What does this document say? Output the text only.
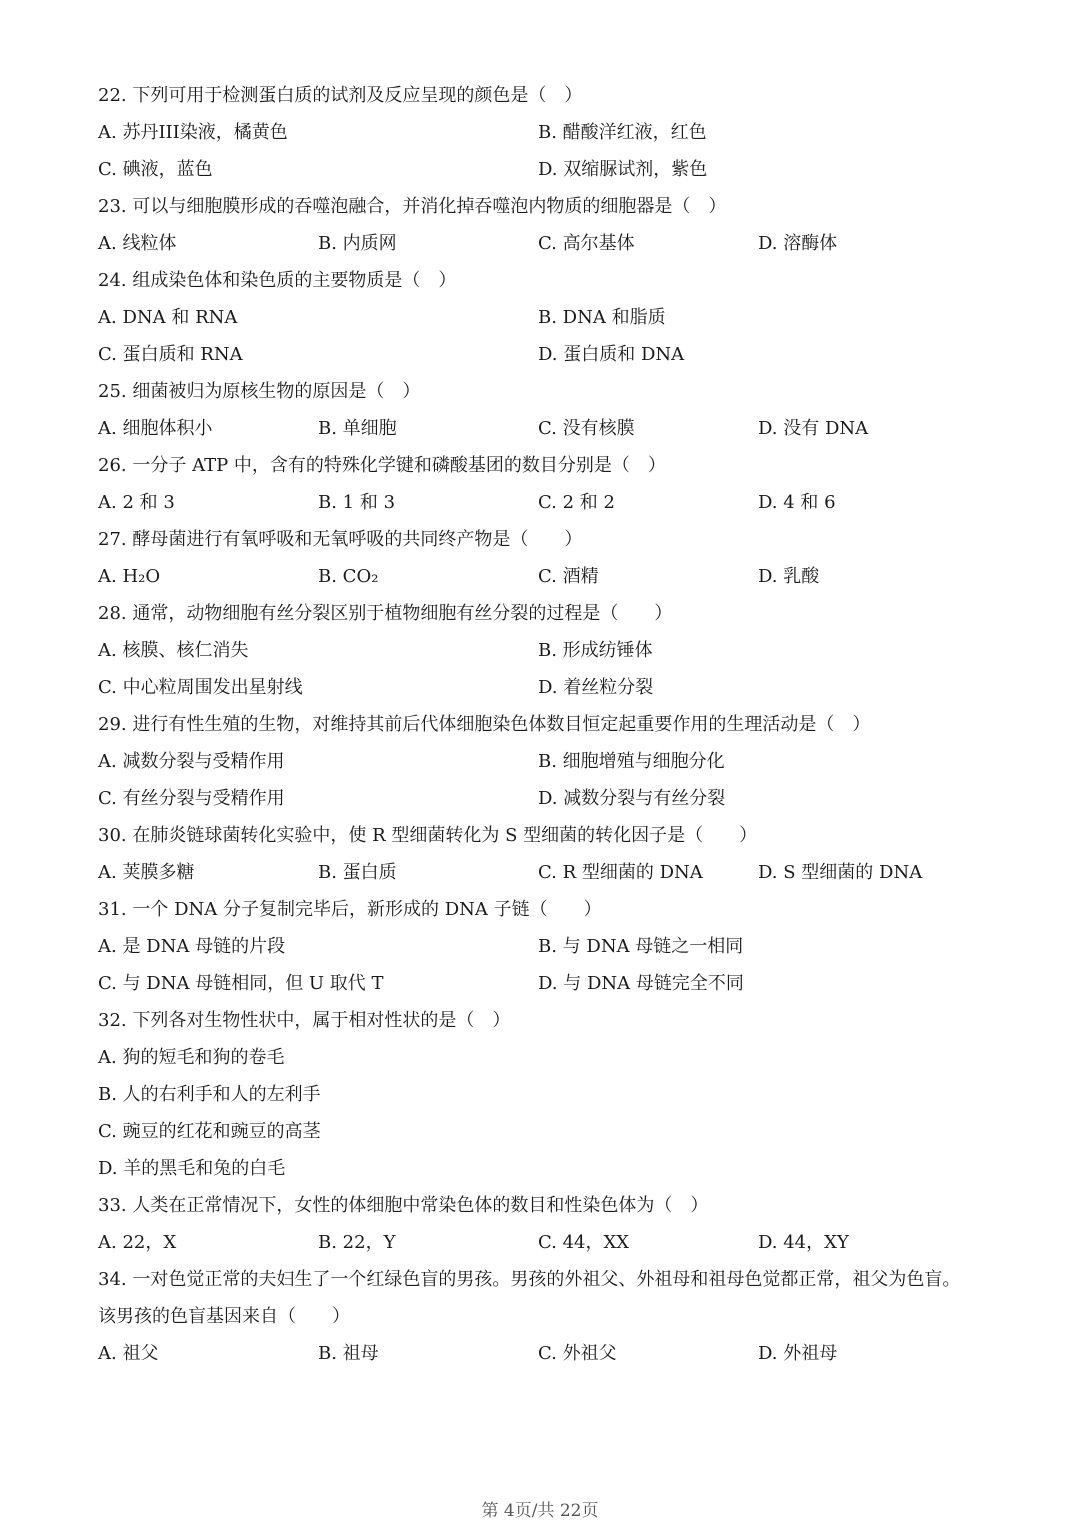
22. 下列可用于检测蛋白质的试剂及反应呈现的颜色是（　）
A. 苏丹III染液，橘黄色	B. 醋酸洋红液，红色
C. 碘液，蓝色	D. 双缩脲试剂，紫色
23. 可以与细胞膜形成的吞噬泡融合，并消化掉吞噬泡内物质的细胞器是（　）
A. 线粒体	B. 内质网	C. 高尔基体	D. 溶酶体
24. 组成染色体和染色质的主要物质是（　）
A. DNA 和 RNA	B. DNA 和脂质
C. 蛋白质和 RNA	D. 蛋白质和 DNA
25. 细菌被归为原核生物的原因是（　）
A. 细胞体积小	B. 单细胞	C. 没有核膜	D. 没有 DNA
26. 一分子 ATP 中，含有的特殊化学键和磷酸基团的数目分别是（　）
A. 2 和 3	B. 1 和 3	C. 2 和 2	D. 4 和 6
27. 酵母菌进行有氧呼吸和无氧呼吸的共同终产物是（　　）
A. H₂O	B. CO₂	C. 酒精	D. 乳酸
28. 通常，动物细胞有丝分裂区别于植物细胞有丝分裂的过程是（　　）
A. 核膜、核仁消失	B. 形成纺锤体
C. 中心粒周围发出星射线	D. 着丝粒分裂
29. 进行有性生殖的生物，对维持其前后代体细胞染色体数目恒定起重要作用的生理活动是（　）
A. 减数分裂与受精作用	B. 细胞增殖与细胞分化
C. 有丝分裂与受精作用	D. 减数分裂与有丝分裂
30. 在肺炎链球菌转化实验中，使 R 型细菌转化为 S 型细菌的转化因子是（　　）
A. 荚膜多糖	B. 蛋白质	C. R 型细菌的 DNA	D. S 型细菌的 DNA
31. 一个 DNA 分子复制完毕后，新形成的 DNA 子链（　　）
A. 是 DNA 母链的片段	B. 与 DNA 母链之一相同
C. 与 DNA 母链相同，但 U 取代 T	D. 与 DNA 母链完全不同
32. 下列各对生物性状中，属于相对性状的是（　）
A. 狗的短毛和狗的卷毛
B. 人的右利手和人的左利手
C. 豌豆的红花和豌豆的高茎
D. 羊的黑毛和兔的白毛
33. 人类在正常情况下，女性的体细胞中常染色体的数目和性染色体为（　）
A. 22，X	B. 22，Y	C. 44，XX	D. 44，XY
34. 一对色觉正常的夫妇生了一个红绿色盲的男孩。男孩的外祖父、外祖母和祖母色觉都正常，祖父为色盲。
该男孩的色盲基因来自（　　）
A. 祖父	B. 祖母	C. 外祖父	D. 外祖母
第 4页/共 22页
